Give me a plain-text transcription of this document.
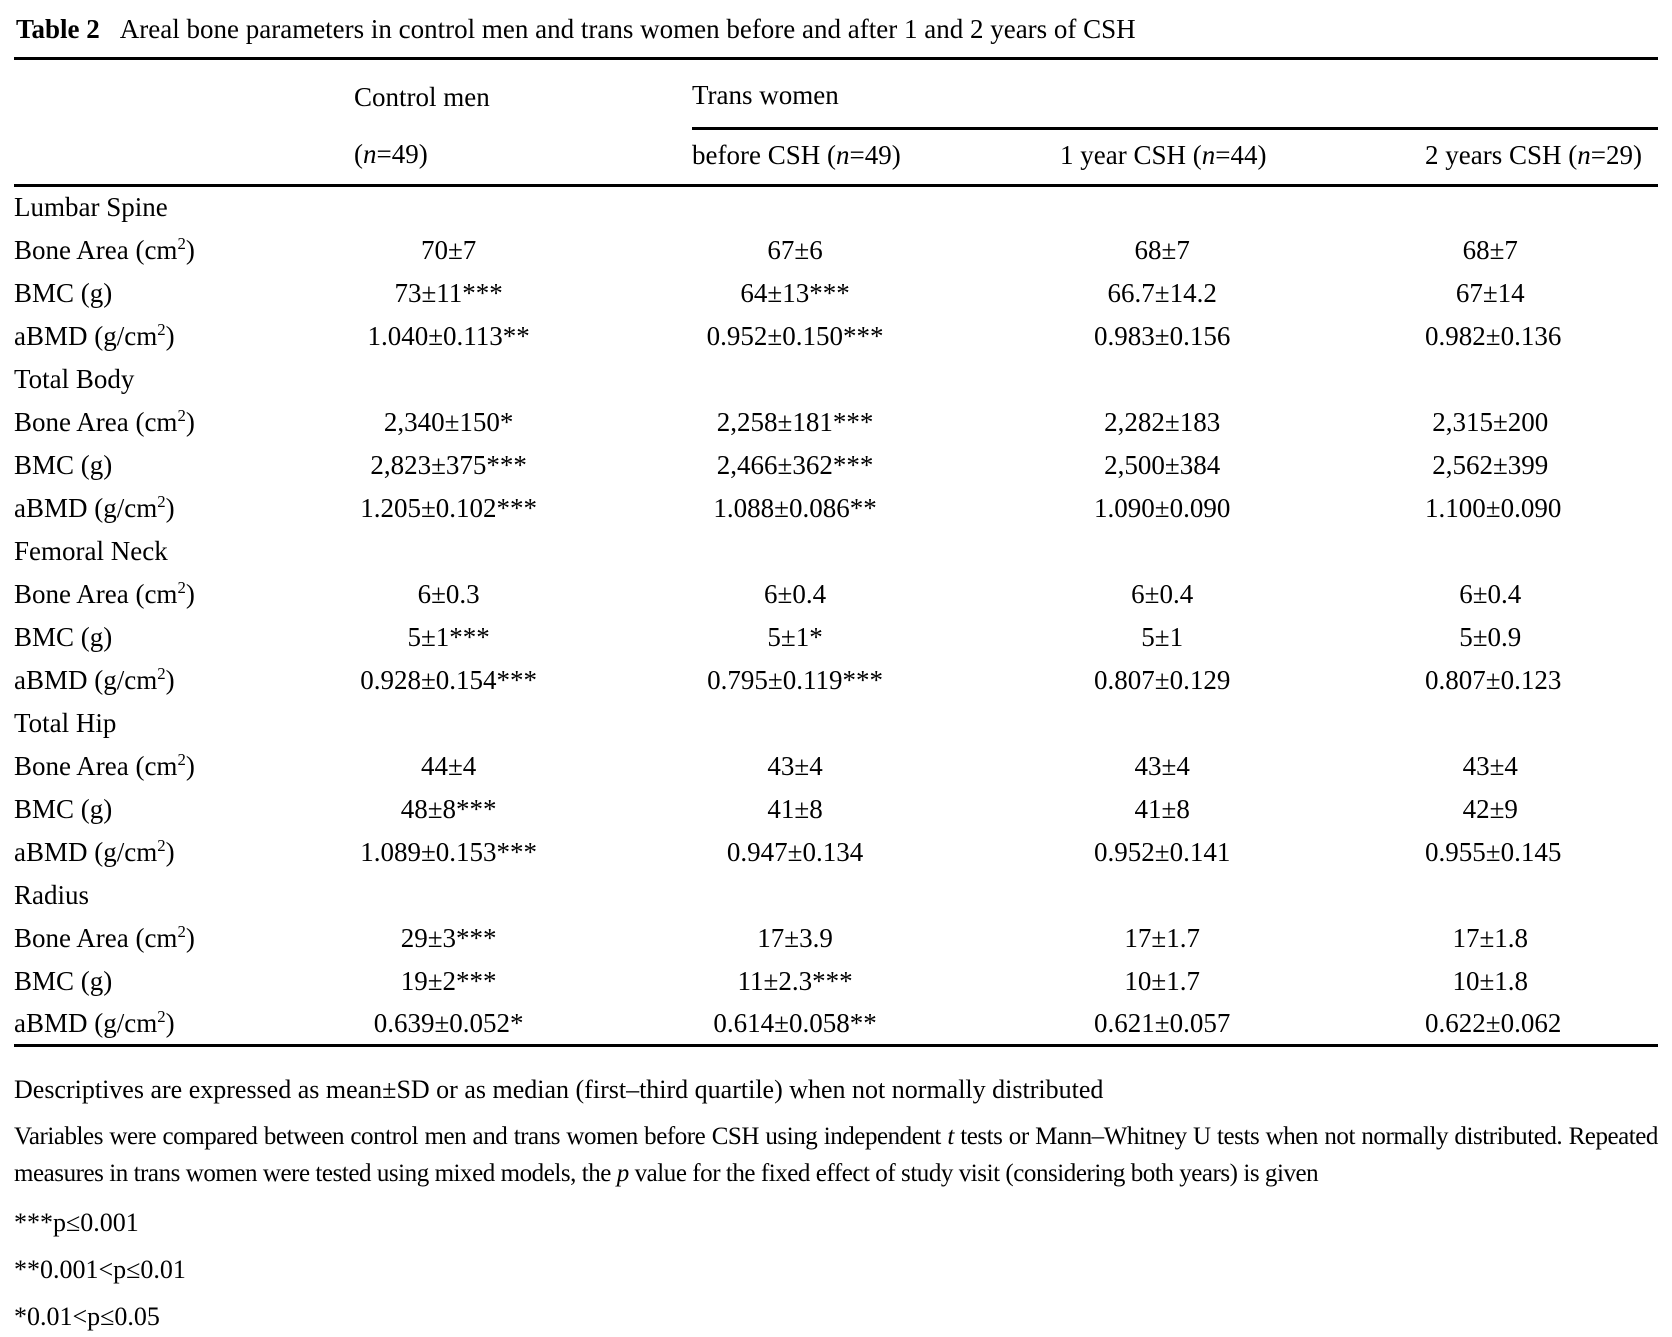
Table 2 Areal bone parameters in control men and trans women before and after 1 and 2 years of CSH

	Control men	Trans women		
	(n=49)	before CSH (n=49)	1 year CSH (n=44)	2 years CSH (n=29)
Lumbar Spine				
Bone Area $(cm^2)$	70±7	67±6	68±7	68±7

BMC (g)	73±11***	64±13***	66.7±14.2	67±14

aBMD $(g/cm^2)$	1.040±0.113**	0.952±0.150***	0.983±0.156	0.982±0.136

Total Body				
Bone Area $(cm^2)$	2,340±150*	2,258±181***	2,282±183	2,315±200

BMC (g)	2,823±375***	2,466±362***	2,500±384	2,562±399

aBMD $(g/cm^2)$	1.205±0.102***	1.088±0.086**	1.090±0.090	1.100±0.090

Femoral Neck				
Bone Area $(cm^2)$	6±0.3	6±0.4	6±0.4	6±0.4

BMC (g)	5±1***	5±1*	5±1	5±0.9

aBMD $(g/cm^2)$	0.928±0.154***	0.795±0.119***	0.807±0.129	0.807±0.123

Total Hip				
Bone Area $(cm^2)$	44±4	43±4	43±4	43±4

BMC (g)	48±8***	41±8	41±8	42±9

aBMD $(g/cm^2)$	1.089±0.153***	0.947±0.134	0.952±0.141	0.955±0.145

Radius				
Bone Area $(cm^2)$	29±3***	17±3.9	17±1.7	17±1.8

BMC (g)	19±2***	11±2.3***	10±1.7	10±1.8

aBMD $(g/cm^2)$	0.639±0.052*	0.614±0.058**	0.621±0.057	0.622±0.062

Descriptives are expressed as mean±SD or as median (first–third quartile) when not normally distributed

Variables were compared between control men and trans women before CSH using independent t tests or Mann–Whitney U tests when not normally distributed. Repeated measures in trans women were tested using mixed models, the p value for the fixed effect of study visit (considering both years) is given

***p≤0.001

**0.001<p≤0.01

*0.01<p≤0.05
